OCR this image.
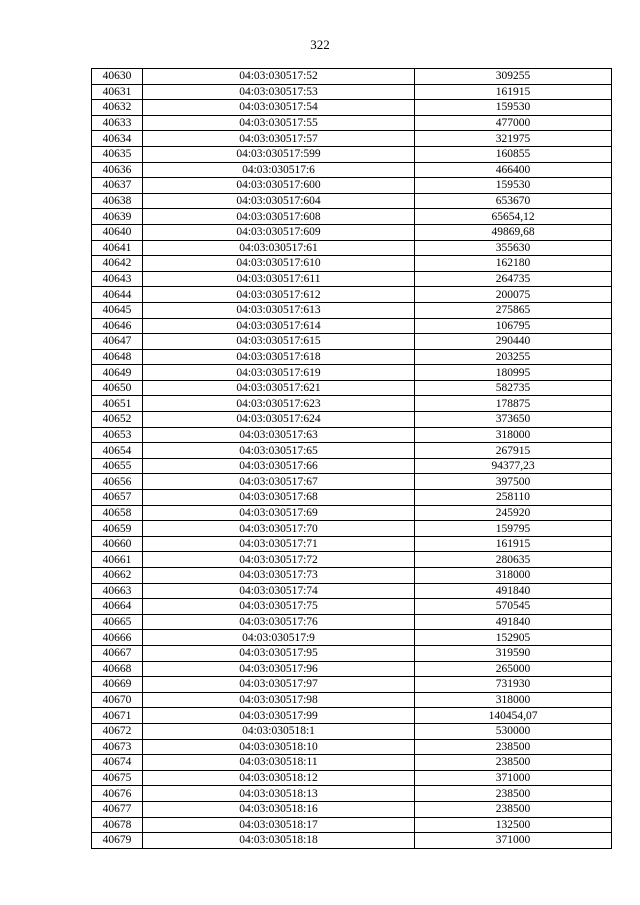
322
40630	04:03:030517:52	309255
40631	04:03:030517:53	161915
40632	04:03:030517:54	159530
40633	04:03:030517:55	477000
40634	04:03:030517:57	321975
40635	04:03:030517:599	160855
40636	04:03:030517:6	466400
40637	04:03:030517:600	159530
40638	04:03:030517:604	653670
40639	04:03:030517:608	65654,12
40640	04:03:030517:609	49869,68
40641	04:03:030517:61	355630
40642	04:03:030517:610	162180
40643	04:03:030517:611	264735
40644	04:03:030517:612	200075
40645	04:03:030517:613	275865
40646	04:03:030517:614	106795
40647	04:03:030517:615	290440
40648	04:03:030517:618	203255
40649	04:03:030517:619	180995
40650	04:03:030517:621	582735
40651	04:03:030517:623	178875
40652	04:03:030517:624	373650
40653	04:03:030517:63	318000
40654	04:03:030517:65	267915
40655	04:03:030517:66	94377,23
40656	04:03:030517:67	397500
40657	04:03:030517:68	258110
40658	04:03:030517:69	245920
40659	04:03:030517:70	159795
40660	04:03:030517:71	161915
40661	04:03:030517:72	280635
40662	04:03:030517:73	318000
40663	04:03:030517:74	491840
40664	04:03:030517:75	570545
40665	04:03:030517:76	491840
40666	04:03:030517:9	152905
40667	04:03:030517:95	319590
40668	04:03:030517:96	265000
40669	04:03:030517:97	731930
40670	04:03:030517:98	318000
40671	04:03:030517:99	140454,07
40672	04:03:030518:1	530000
40673	04:03:030518:10	238500
40674	04:03:030518:11	238500
40675	04:03:030518:12	371000
40676	04:03:030518:13	238500
40677	04:03:030518:16	238500
40678	04:03:030518:17	132500
40679	04:03:030518:18	371000
